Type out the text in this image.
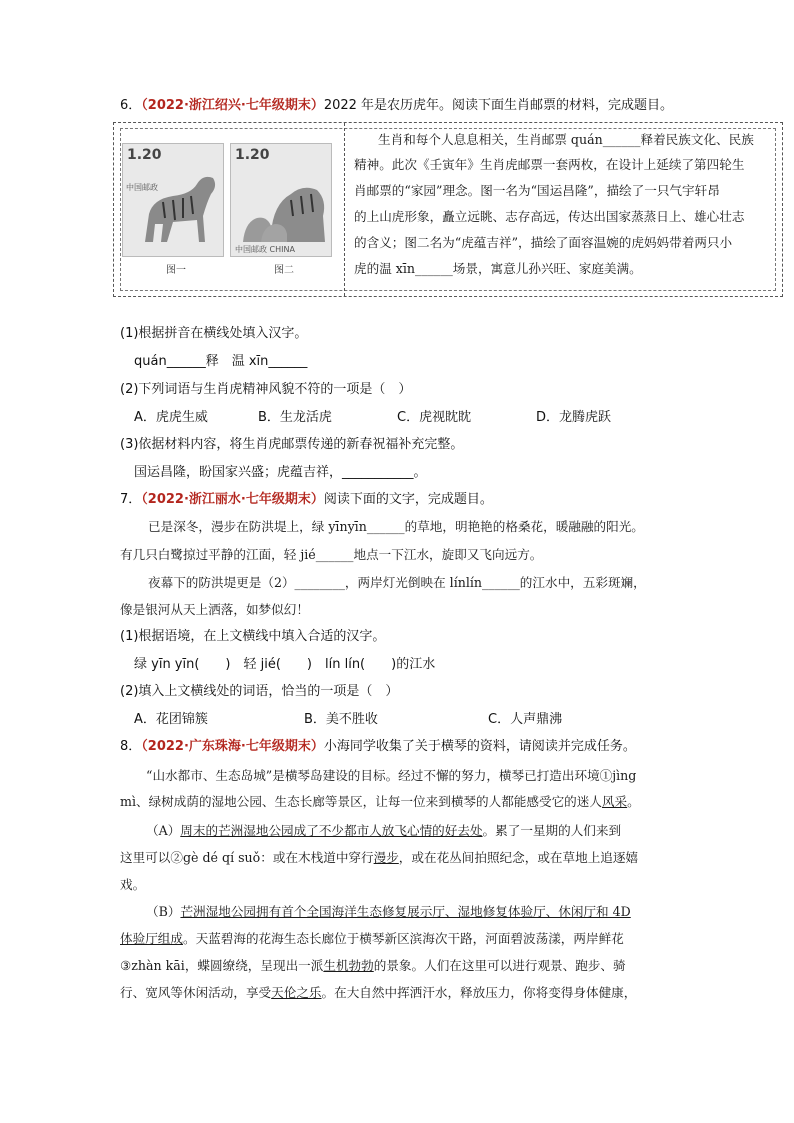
6．（2022·浙江绍兴·七年级期末）2022 年是农历虎年。阅读下面生肖邮票的材料，完成题目。
1.20
中国邮政
图一
1.20
中国邮政 CHINA
图二
生肖和每个人息息相关，生肖邮票 quán______释着民族文化、民族
精神。此次《壬寅年》生肖虎邮票一套两枚，在设计上延续了第四轮生
肖邮票的“家园”理念。图一名为“国运昌隆”，描绘了一只气宇轩昂
的上山虎形象，矗立远眺、志存高远，传达出国家蒸蒸日上、雄心壮志
的含义；图二名为“虎蕴吉祥”，描绘了面容温婉的虎妈妈带着两只小
虎的温 xīn______场景，寓意儿孙兴旺、家庭美满。
(1)根据拼音在横线处填入汉字。
quán______释　温 xīn______
(2)下列词语与生肖虎精神风貌不符的一项是（　）
A．虎虎生威	B．生龙活虎	C．虎视眈眈	D．龙腾虎跃
(3)依据材料内容，将生肖虎邮票传递的新春祝福补充完整。
国运昌隆，盼国家兴盛；虎蕴吉祥，___________。
7．（2022·浙江丽水·七年级期末）阅读下面的文字，完成题目。
已是深冬，漫步在防洪堤上，绿 yīnyīn______的草地，明艳艳的格桑花，暖融融的阳光。
有几只白鹭掠过平静的江面，轻 jié______地点一下江水，旋即又飞向远方。
夜幕下的防洪堤更是（2）________，两岸灯光倒映在 línlín______的江水中，五彩斑斓，
像是银河从天上洒落，如梦似幻！
(1)根据语境，在上文横线中填入合适的汉字。
绿 yīn yīn(　　)　轻 jié(　　)　lín lín(　　)的江水
(2)填入上文横线处的词语，恰当的一项是（　）
A．花团锦簇	B．美不胜收	C．人声鼎沸
8．（2022·广东珠海·七年级期末）小海同学收集了关于横琴的资料，请阅读并完成任务。
“山水都市、生态岛城”是横琴岛建设的目标。经过不懈的努力，横琴已打造出环境①jìng
mì、绿树成荫的湿地公园、生态长廊等景区，让每一位来到横琴的人都能感受它的迷人风采。
（A）周末的芒洲湿地公园成了不少都市人放飞心情的好去处。累了一星期的人们来到
这里可以②gè dé qí suǒ：或在木栈道中穿行漫步，或在花丛间拍照纪念，或在草地上追逐嬉
戏。
（B）芒洲湿地公园拥有首个全国海洋生态修复展示厅、湿地修复体验厅、休闲厅和 4D
体验厅组成。天蓝碧海的花海生态长廊位于横琴新区滨海次干路，河面碧波荡漾，两岸鲜花
③zhàn kāi，蝶圆缭绕，呈现出一派生机勃勃的景象。人们在这里可以进行观景、跑步、骑
行、宽风等休闲活动，享受天伦之乐。在大自然中挥洒汗水，释放压力，你将变得身体健康，
